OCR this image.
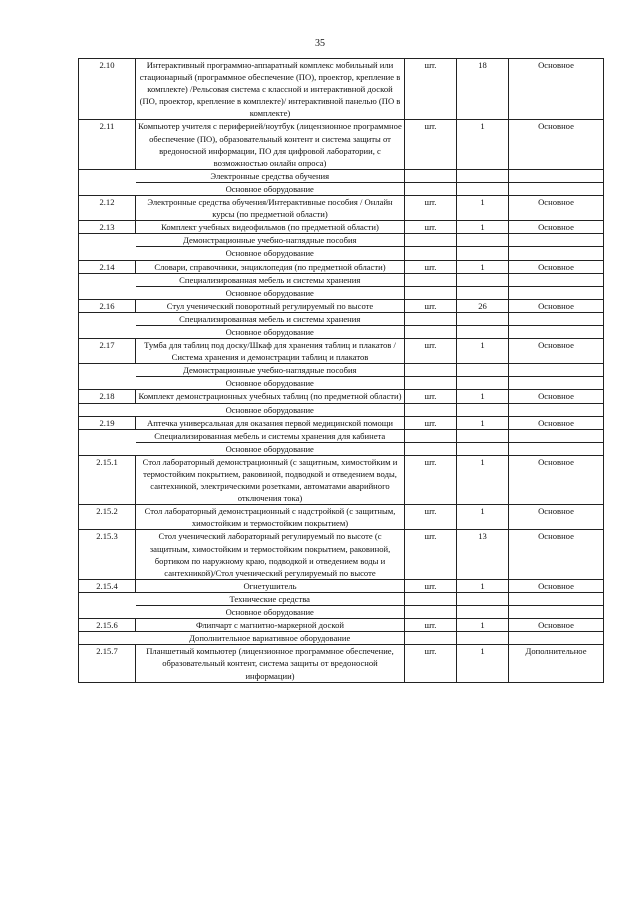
35
2.10	Интерактивный программно-аппаратный комплекс мобильный или стационарный (программное обеспечение (ПО), проектор, крепление в комплекте) /Рельсовая система с классной и интерактивной доской (ПО, проектор, крепление в комплекте)/ интерактивной панелью (ПО в комплекте)	шт.	18	Основное
2.11	Компьютер учителя с периферией/ноутбук (лицензионное программное обеспечение (ПО), образовательный контент и система защиты от вредоносной информации, ПО для цифровой лаборатории, с возможностью онлайн опроса)	шт.	1	Основное
	Электронные средства обучения			
	Основное оборудование			
2.12	Электронные средства обучения/Интерактивные пособия / Онлайн курсы (по предметной области)	шт.	1	Основное
2.13	Комплект учебных видеофильмов (по предметной области)	шт.	1	Основное
	Демонстрационные учебно-наглядные пособия			
	Основное оборудование			
2.14	Словари, справочники, энциклопедия (по предметной области)	шт.	1	Основное
	Специализированная мебель и системы хранения			
	Основное оборудование			
2.16	Стул ученический поворотный регулируемый по высоте	шт.	26	Основное
	Специализированная мебель и системы хранения			
	Основное оборудование			
2.17	Тумба для таблиц под доску/Шкаф для хранения таблиц и плакатов / Система хранения и демонстрации таблиц и плакатов	шт.	1	Основное
	Демонстрационные учебно-наглядные пособия			
	Основное оборудование			
2.18	Комплект демонстрационных учебных таблиц (по предметной области)	шт.	1	Основное
	Основное оборудование			
2.19	Аптечка универсальная для оказания первой медицинской помощи	шт.	1	Основное
	Специализированная мебель и системы хранения для кабинета			
	Основное оборудование			
2.15.1	Стол лабораторный демонстрационный (с защитным, химостойким и термостойким покрытием, раковиной, подводкой и отведением воды, сантехникой, электрическими розетками, автоматами аварийного отключения тока)	шт.	1	Основное
2.15.2	Стол лабораторный демонстрационный с надстройкой (с защитным, химостойким и термостойким покрытием)	шт.	1	Основное
2.15.3	Стол ученический лабораторный регулируемый по высоте (с защитным, химостойким и термостойким покрытием, раковиной, бортиком по наружному краю, подводкой и отведением воды и сантехникой)/Стол ученический регулируемый по высоте	шт.	13	Основное
2.15.4	Огнетушитель	шт.	1	Основное
	Технические средства			
	Основное оборудование			
2.15.6	Флипчарт с магнитно-маркерной доской	шт.	1	Основное
	Дополнительное вариативное оборудование			
2.15.7	Планшетный компьютер (лицензионное программное обеспечение, образовательный контент, система защиты от вредоносной информации)	шт.	1	Дополнительное
